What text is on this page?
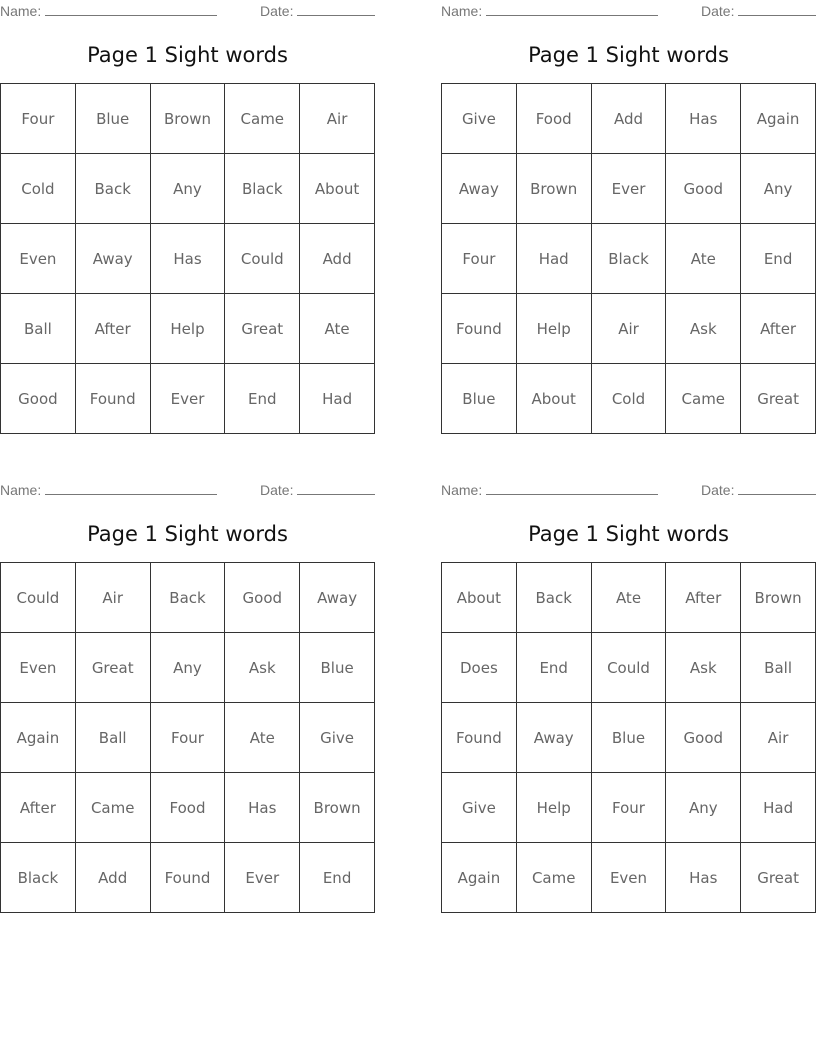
Name:	Date:
Page 1 Sight words
Four	Blue	Brown	Came	Air
Cold	Back	Any	Black	About
Even	Away	Has	Could	Add
Ball	After	Help	Great	Ate
Good	Found	Ever	End	Had
Name:	Date:
Page 1 Sight words
Give	Food	Add	Has	Again
Away	Brown	Ever	Good	Any
Four	Had	Black	Ate	End
Found	Help	Air	Ask	After
Blue	About	Cold	Came	Great
Name:	Date:
Page 1 Sight words
Could	Air	Back	Good	Away
Even	Great	Any	Ask	Blue
Again	Ball	Four	Ate	Give
After	Came	Food	Has	Brown
Black	Add	Found	Ever	End
Name:	Date:
Page 1 Sight words
About	Back	Ate	After	Brown
Does	End	Could	Ask	Ball
Found	Away	Blue	Good	Air
Give	Help	Four	Any	Had
Again	Came	Even	Has	Great
